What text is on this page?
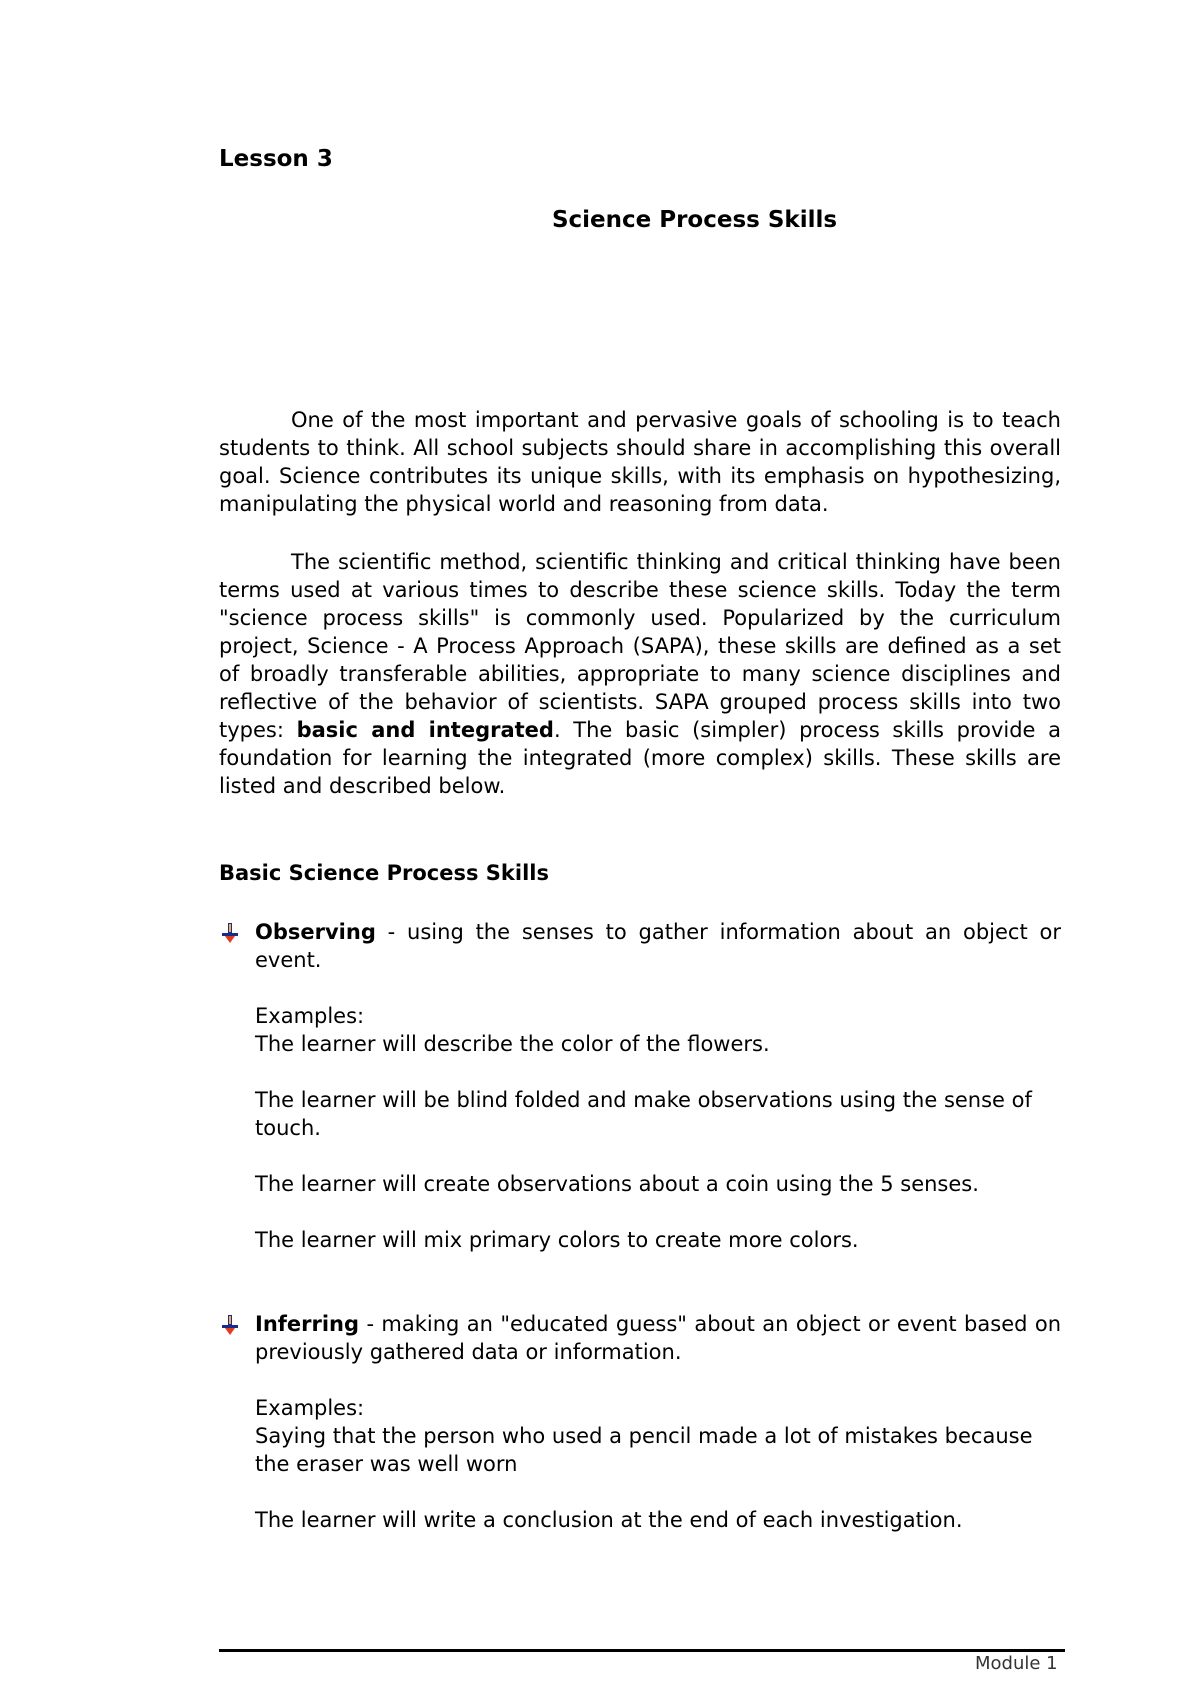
Lesson 3
Science Process Skills

One of the most important and pervasive goals of schooling is to teach students to think. All school subjects should share in accomplishing this overall goal. Science contributes its unique skills, with its emphasis on hypothesizing, manipulating the physical world and reasoning from data.

The scientific method, scientific thinking and critical thinking have been terms used at various times to describe these science skills. Today the term "science process skills" is commonly used. Popularized by the curriculum project, Science - A Process Approach (SAPA), these skills are defined as a set of broadly transferable abilities, appropriate to many science disciplines and reflective of the behavior of scientists. SAPA grouped process skills into two types: basic and integrated. The basic (simpler) process skills provide a foundation for learning the integrated (more complex) skills. These skills are listed and described below.

Basic Science Process Skills
Observing - using the senses to gather information about an object or event.
Examples:
The learner will describe the color of the flowers.
The learner will be blind folded and make observations using the sense of touch.
The learner will create observations about a coin using the 5 senses.
The learner will mix primary colors to create more colors.
Inferring - making an "educated guess" about an object or event based on previously gathered data or information.
Examples:
Saying that the person who used a pencil made a lot of mistakes because the eraser was well worn
The learner will write a conclusion at the end of each investigation.
Module 1
